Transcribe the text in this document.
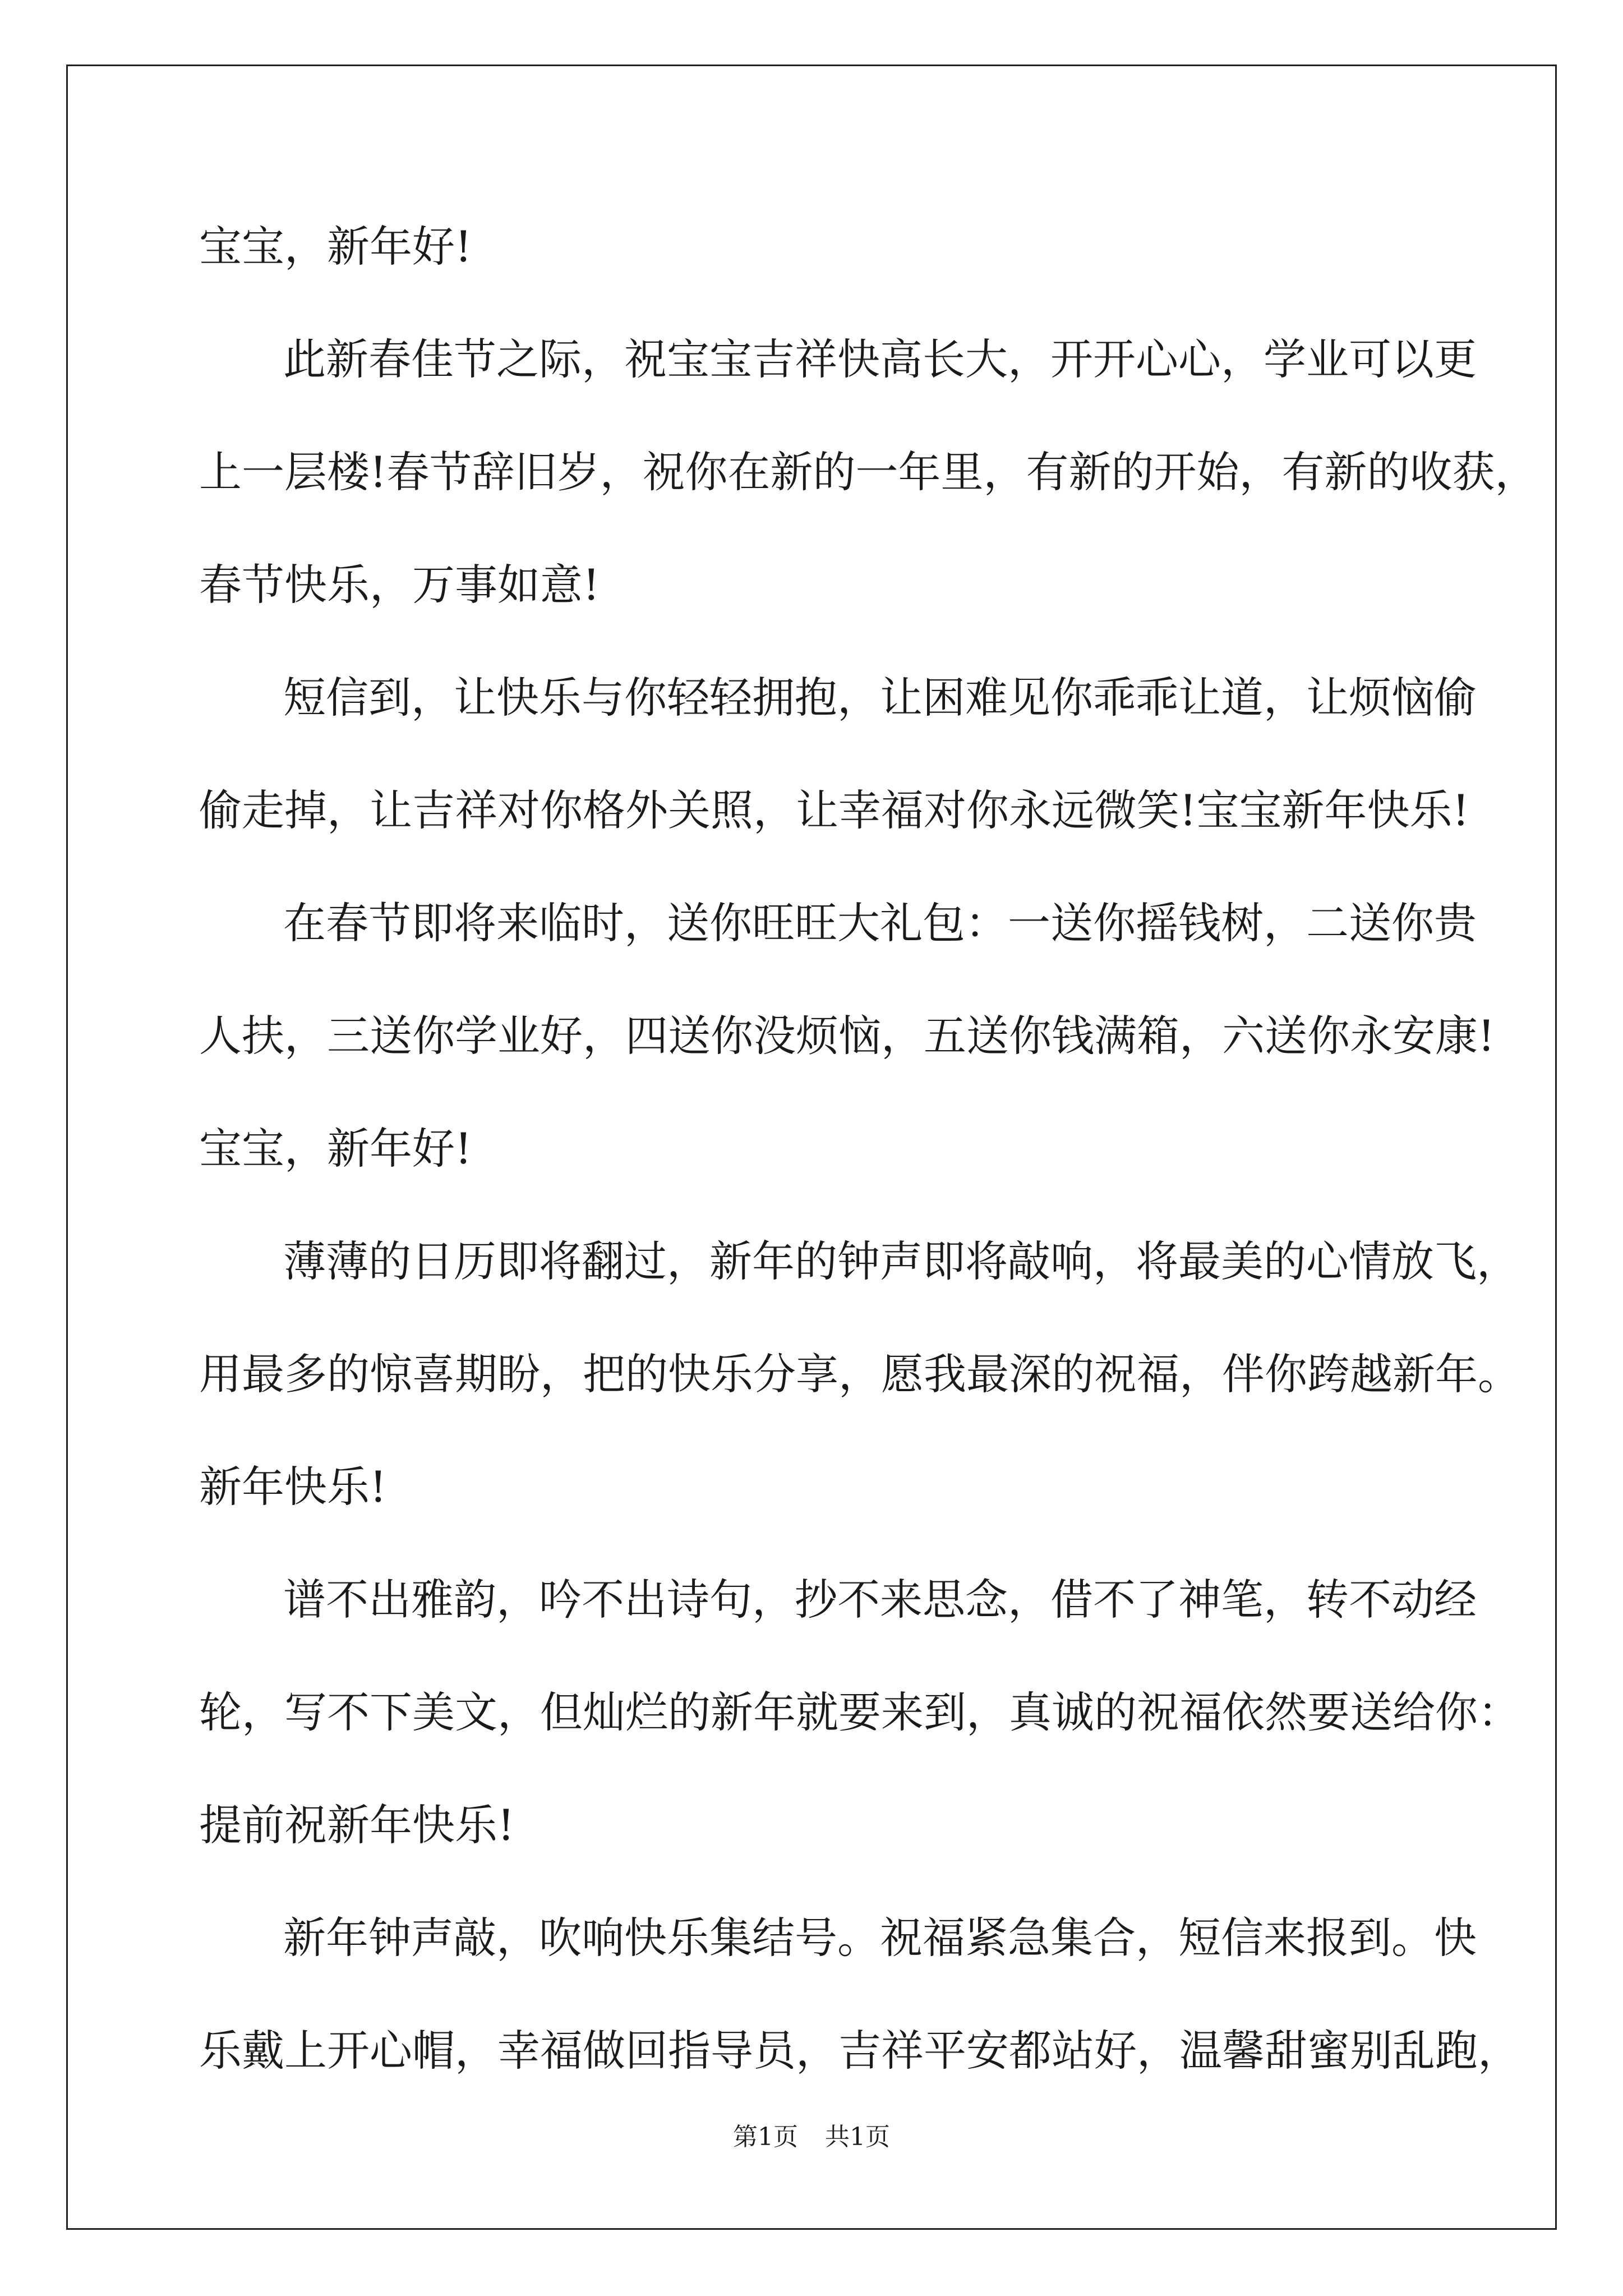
宝宝，新年好!
此新春佳节之际，祝宝宝吉祥快高长大，开开心心，学业可以更
上一层楼!春节辞旧岁，祝你在新的一年里，有新的开始，有新的收获，
春节快乐，万事如意!
短信到，让快乐与你轻轻拥抱，让困难见你乖乖让道，让烦恼偷
偷走掉，让吉祥对你格外关照，让幸福对你永远微笑!宝宝新年快乐!
在春节即将来临时，送你旺旺大礼包：一送你摇钱树，二送你贵
人扶，三送你学业好，四送你没烦恼，五送你钱满箱，六送你永安康!
宝宝，新年好!
薄薄的日历即将翻过，新年的钟声即将敲响，将最美的心情放飞，
用最多的惊喜期盼，把的快乐分享，愿我最深的祝福，伴你跨越新年。
新年快乐!
谱不出雅韵，吟不出诗句，抄不来思念，借不了神笔，转不动经
轮，写不下美文，但灿烂的新年就要来到，真诚的祝福依然要送给你：
提前祝新年快乐!
新年钟声敲，吹响快乐集结号。祝福紧急集合，短信来报到。快
乐戴上开心帽，幸福做回指导员，吉祥平安都站好，温馨甜蜜别乱跑，
第1页 共1页
